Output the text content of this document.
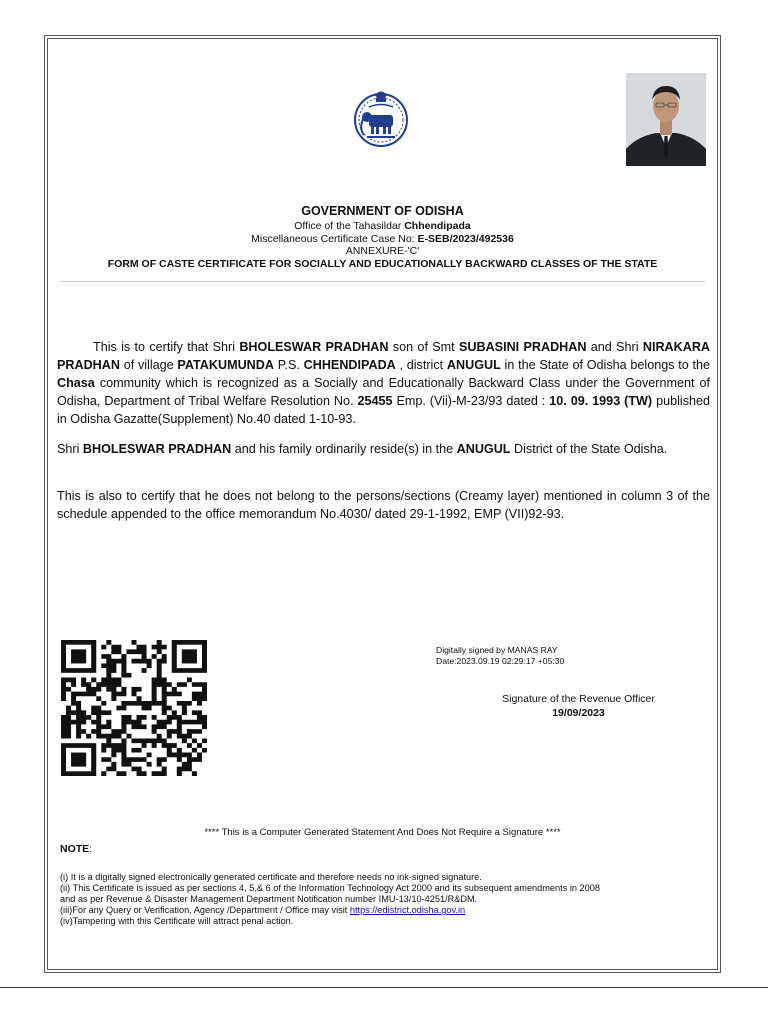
GOVERNMENT OF ODISHA
Office of the Tahasildar Chhendipada
Miscellaneous Certificate Case No: E-SEB/2023/492536
ANNEXURE-'C'
FORM OF CASTE CERTIFICATE FOR SOCIALLY AND EDUCATIONALLY BACKWARD CLASSES OF THE STATE
This is to certify that Shri BHOLESWAR PRADHAN son of Smt SUBASINI PRADHAN and Shri NIRAKARA PRADHAN of village PATAKUMUNDA P.S. CHHENDIPADA , district ANUGUL in the State of Odisha belongs to the Chasa community which is recognized as a Socially and Educationally Backward Class under the Government of Odisha, Department of Tribal Welfare Resolution No. 25455 Emp. (Vii)-M-23/93 dated : 10. 09. 1993 (TW) published in Odisha Gazatte(Supplement) No.40 dated 1-10-93.
Shri BHOLESWAR PRADHAN and his family ordinarily reside(s) in the ANUGUL District of the State Odisha.
This is also to certify that he does not belong to the persons/sections (Creamy layer) mentioned in column 3 of the schedule appended to the office memorandum No.4030/ dated 29-1-1992, EMP (VII)92-93.
Digitally signed by MANAS RAY
Date:2023.09.19 02:29:17 +05:30
Signature of the Revenue Officer
19/09/2023
**** This is a Computer Generated Statement And Does Not Require a Signature ****
NOTE:
(i) It is a digitally signed electronically generated certificate and therefore needs no ink-signed signature.
(ii) This Certificate is issued as per sections 4, 5,& 6 of the Information Technology Act 2000 and its subsequent amendments in 2008
and as per Revenue & Disaster Management Department Notification number IMU-13/10-4251/R&DM.
(iii)For any Query or Verification, Agency /Department / Office may visit https://edistrict.odisha.gov.in
(iv)Tampering with this Certificate will attract penal action.
